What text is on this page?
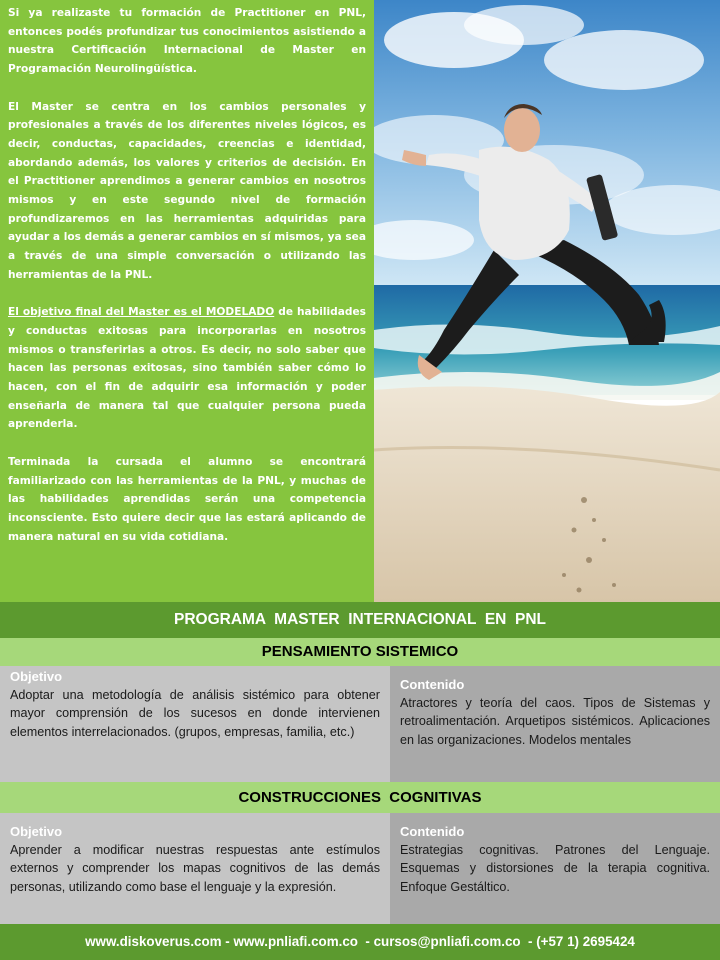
Si ya realizaste tu formación de Practitioner en PNL, entonces podés profundizar tus conocimientos asistiendo a nuestra Certificación Internacional de Master en Programación Neurolingüística.

El Master se centra en los cambios personales y profesionales a través de los diferentes niveles lógicos, es decir, conductas, capacidades, creencias e identidad, abordando además, los valores y criterios de decisión. En el Practitioner aprendimos a generar cambios en nosotros mismos y en este segundo nivel de formación profundizaremos en las herramientas adquiridas para ayudar a los demás a generar cambios en sí mismos, ya sea a través de una simple conversación o utilizando las herramientas de la PNL.

El objetivo final del Master es el MODELADO de habilidades y conductas exitosas para incorporarlas en nosotros mismos o transferirlas a otros. Es decir, no solo saber que hacen las personas exitosas, sino también saber cómo lo hacen, con el fin de adquirir esa información y poder enseñarla de manera tal que cualquier persona pueda aprenderla.

Terminada la cursada el alumno se encontrará familiarizado con las herramientas de la PNL, y muchas de las habilidades aprendidas serán una competencia inconsciente. Esto quiere decir que las estará aplicando de manera natural en su vida cotidiana.

PROGRAMA  MASTER  INTERNACIONAL  EN  PNL
PENSAMIENTO SISTEMICO
Objetivo
Adoptar una metodología de análisis sistémico para obtener mayor comprensión de los sucesos en donde intervienen elementos interrelacionados. (grupos, empresas, familia, etc.)
Contenido
Atractores y teoría del caos. Tipos de Sistemas y retroalimentación. Arquetipos sistémicos. Aplicaciones en las organizaciones. Modelos mentales
CONSTRUCCIONES  COGNITIVAS
Objetivo
Aprender a modificar nuestras respuestas ante estímulos externos y comprender los mapas cognitivos de las demás personas, utilizando como base el lenguaje y la expresión.
Contenido
Estrategias cognitivas. Patrones del Lenguaje. Esquemas y distorsiones de la terapia cognitiva. Enfoque Gestáltico.
www.diskoverus.com - www.pnliafi.com.co  - cursos@pnliafi.com.co  - (+57 1) 2695424
